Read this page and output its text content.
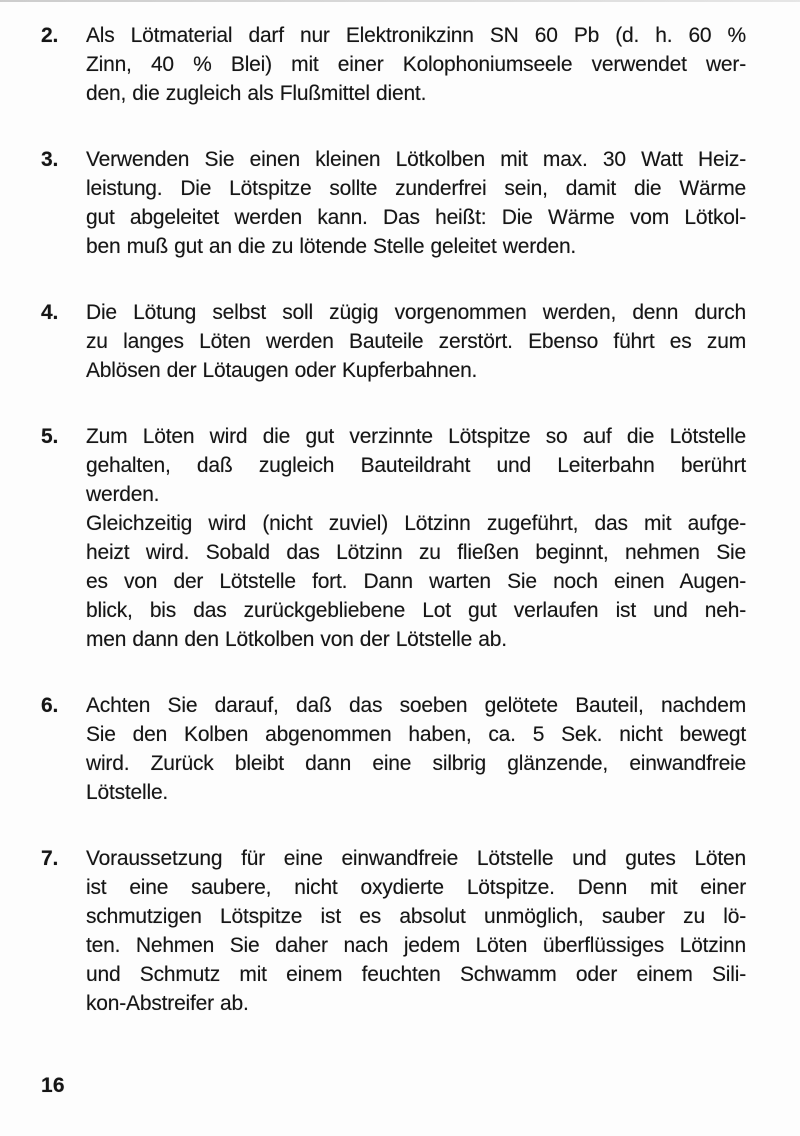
2.	Als Lötmaterial darf nur Elektronikzinn SN 60 Pb (d. h. 60 %
Zinn, 40 % Blei) mit einer Kolophoniumseele verwendet wer-
den, die zugleich als Flußmittel dient.
3.	Verwenden Sie einen kleinen Lötkolben mit max. 30 Watt Heiz-
leistung. Die Lötspitze sollte zunderfrei sein, damit die Wärme
gut abgeleitet werden kann. Das heißt: Die Wärme vom Lötkol-
ben muß gut an die zu lötende Stelle geleitet werden.
4.	Die Lötung selbst soll zügig vorgenommen werden, denn durch
zu langes Löten werden Bauteile zerstört. Ebenso führt es zum
Ablösen der Lötaugen oder Kupferbahnen.
5.	Zum Löten wird die gut verzinnte Lötspitze so auf die Lötstelle
gehalten, daß zugleich Bauteildraht und Leiterbahn berührt
werden.
Gleichzeitig wird (nicht zuviel) Lötzinn zugeführt, das mit aufge-
heizt wird. Sobald das Lötzinn zu fließen beginnt, nehmen Sie
es von der Lötstelle fort. Dann warten Sie noch einen Augen-
blick, bis das zurückgebliebene Lot gut verlaufen ist und neh-
men dann den Lötkolben von der Lötstelle ab.
6.	Achten Sie darauf, daß das soeben gelötete Bauteil, nachdem
Sie den Kolben abgenommen haben, ca. 5 Sek. nicht bewegt
wird. Zurück bleibt dann eine silbrig glänzende, einwandfreie
Lötstelle.
7.	Voraussetzung für eine einwandfreie Lötstelle und gutes Löten
ist eine saubere, nicht oxydierte Lötspitze. Denn mit einer
schmutzigen Lötspitze ist es absolut unmöglich, sauber zu lö-
ten. Nehmen Sie daher nach jedem Löten überflüssiges Lötzinn
und Schmutz mit einem feuchten Schwamm oder einem Sili-
kon-Abstreifer ab.
16
